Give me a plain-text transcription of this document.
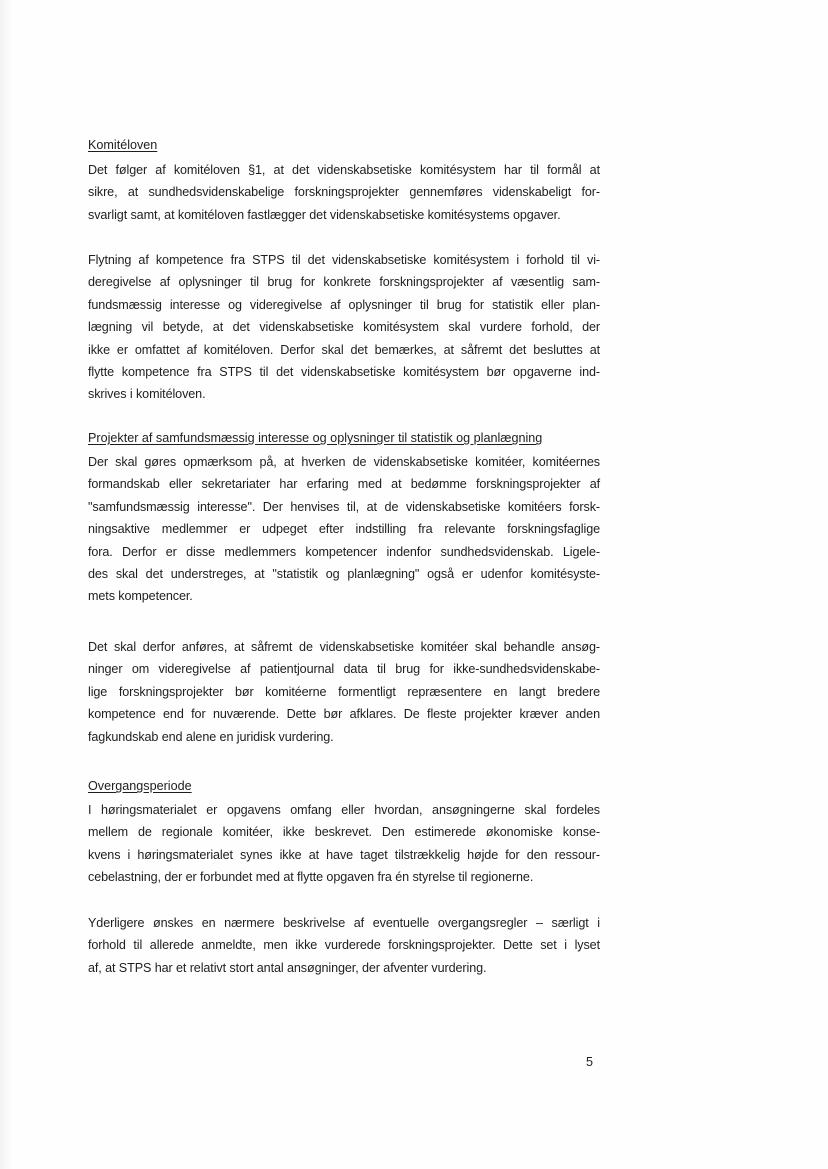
Komitéloven
Det følger af komitéloven §1, at det videnskabsetiske komitésystem har til formål at
sikre, at sundhedsvidenskabelige forskningsprojekter gennemføres videnskabeligt for-
svarligt samt, at komitéloven fastlægger det videnskabsetiske komitésystems opgaver.
Flytning af kompetence fra STPS til det videnskabsetiske komitésystem i forhold til vi-
deregivelse af oplysninger til brug for konkrete forskningsprojekter af væsentlig sam-
fundsmæssig interesse og videregivelse af oplysninger til brug for statistik eller plan-
lægning vil betyde, at det videnskabsetiske komitésystem skal vurdere forhold, der
ikke er omfattet af komitéloven. Derfor skal det bemærkes, at såfremt det besluttes at
flytte kompetence fra STPS til det videnskabsetiske komitésystem bør opgaverne ind-
skrives i komitéloven.
Projekter af samfundsmæssig interesse og oplysninger til statistik og planlægning
Der skal gøres opmærksom på, at hverken de videnskabsetiske komitéer, komitéernes
formandskab eller sekretariater har erfaring med at bedømme forskningsprojekter af
"samfundsmæssig interesse". Der henvises til, at de videnskabsetiske komitéers forsk-
ningsaktive medlemmer er udpeget efter indstilling fra relevante forskningsfaglige
fora. Derfor er disse medlemmers kompetencer indenfor sundhedsvidenskab. Ligele-
des skal det understreges, at "statistik og planlægning" også er udenfor komitésyste-
mets kompetencer.
Det skal derfor anføres, at såfremt de videnskabsetiske komitéer skal behandle ansøg-
ninger om videregivelse af patientjournal data til brug for ikke-sundhedsvidenskabe-
lige forskningsprojekter bør komitéerne formentligt repræsentere en langt bredere
kompetence end for nuværende. Dette bør afklares. De fleste projekter kræver anden
fagkundskab end alene en juridisk vurdering.
Overgangsperiode
I høringsmaterialet er opgavens omfang eller hvordan, ansøgningerne skal fordeles
mellem de regionale komitéer, ikke beskrevet. Den estimerede økonomiske konse-
kvens i høringsmaterialet synes ikke at have taget tilstrækkelig højde for den ressour-
cebelastning, der er forbundet med at flytte opgaven fra én styrelse til regionerne.
Yderligere ønskes en nærmere beskrivelse af eventuelle overgangsregler – særligt i
forhold til allerede anmeldte, men ikke vurderede forskningsprojekter. Dette set i lyset
af, at STPS har et relativt stort antal ansøgninger, der afventer vurdering.
5
